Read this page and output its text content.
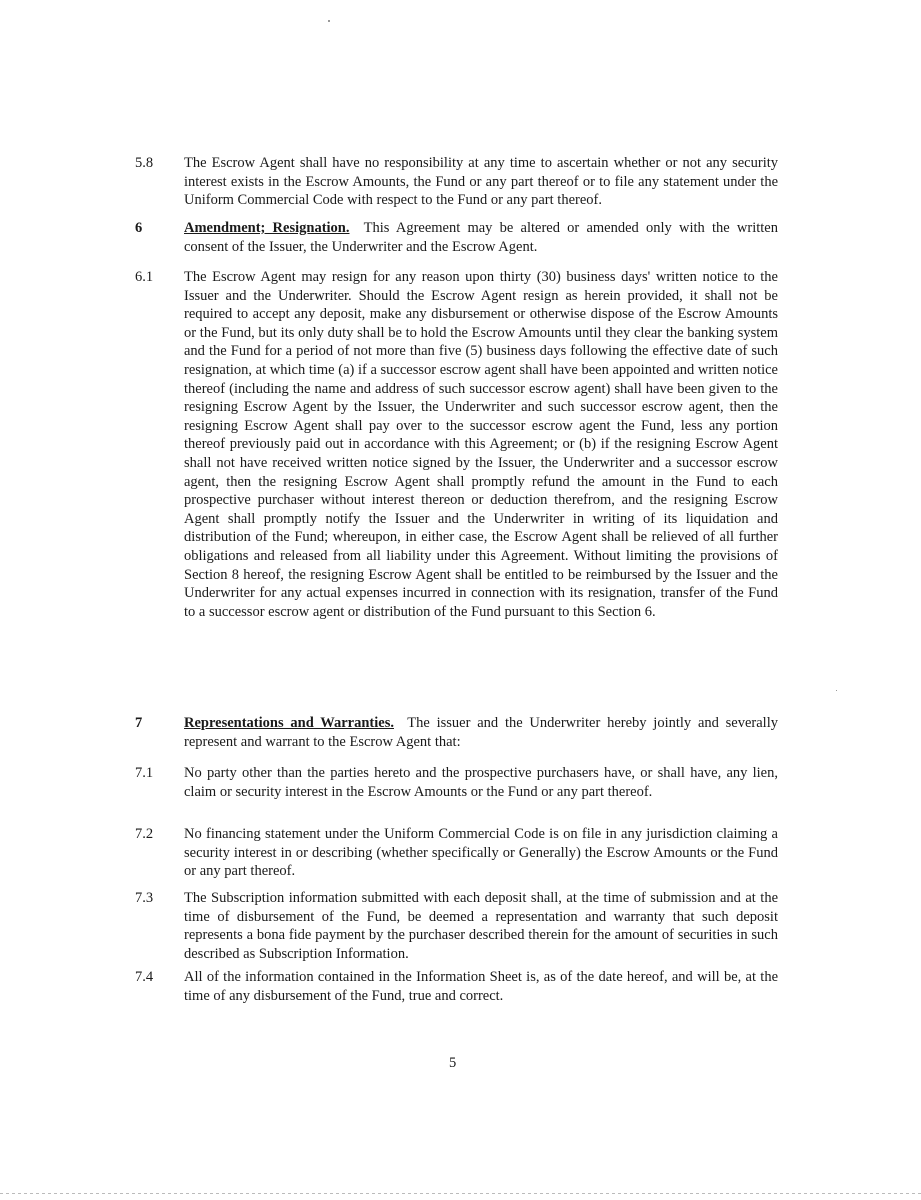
5.8 The Escrow Agent shall have no responsibility at any time to ascertain whether or not any security interest exists in the Escrow Amounts, the Fund or any part thereof or to file any statement under the Uniform Commercial Code with respect to the Fund or any part thereof.
6	Amendment; Resignation. This Agreement may be altered or amended only with the written consent of the Issuer, the Underwriter and the Escrow Agent.
6.1 The Escrow Agent may resign for any reason upon thirty (30) business days' written notice to the Issuer and the Underwriter. Should the Escrow Agent resign as herein provided, it shall not be required to accept any deposit, make any disbursement or otherwise dispose of the Escrow Amounts or the Fund, but its only duty shall be to hold the Escrow Amounts until they clear the banking system and the Fund for a period of not more than five (5) business days following the effective date of such resignation, at which time (a) if a successor escrow agent shall have been appointed and written notice thereof (including the name and address of such successor escrow agent) shall have been given to the resigning Escrow Agent by the Issuer, the Underwriter and such successor escrow agent, then the resigning Escrow Agent shall pay over to the successor escrow agent the Fund, less any portion thereof previously paid out in accordance with this Agreement; or (b) if the resigning Escrow Agent shall not have received written notice signed by the Issuer, the Underwriter and a successor escrow agent, then the resigning Escrow Agent shall promptly refund the amount in the Fund to each prospective purchaser without interest thereon or deduction therefrom, and the resigning Escrow Agent shall promptly notify the Issuer and the Underwriter in writing of its liquidation and distribution of the Fund; whereupon, in either case, the Escrow Agent shall be relieved of all further obligations and released from all liability under this Agreement. Without limiting the provisions of Section 8 hereof, the resigning Escrow Agent shall be entitled to be reimbursed by the Issuer and the Underwriter for any actual expenses incurred in connection with its resignation, transfer of the Fund to a successor escrow agent or distribution of the Fund pursuant to this Section 6.
7	Representations and Warranties. The issuer and the Underwriter hereby jointly and severally represent and warrant to the Escrow Agent that:
7.1 No party other than the parties hereto and the prospective purchasers have, or shall have, any lien, claim or security interest in the Escrow Amounts or the Fund or any part thereof.
7.2 No financing statement under the Uniform Commercial Code is on file in any jurisdiction claiming a security interest in or describing (whether specifically or Generally) the Escrow Amounts or the Fund or any part thereof.
7.3 The Subscription information submitted with each deposit shall, at the time of submission and at the time of disbursement of the Fund, be deemed a representation and warranty that such deposit represents a bona fide payment by the purchaser described therein for the amount of securities in such described as Subscription Information.
7.4 All of the information contained in the Information Sheet is, as of the date hereof, and will be, at the time of any disbursement of the Fund, true and correct.
5
